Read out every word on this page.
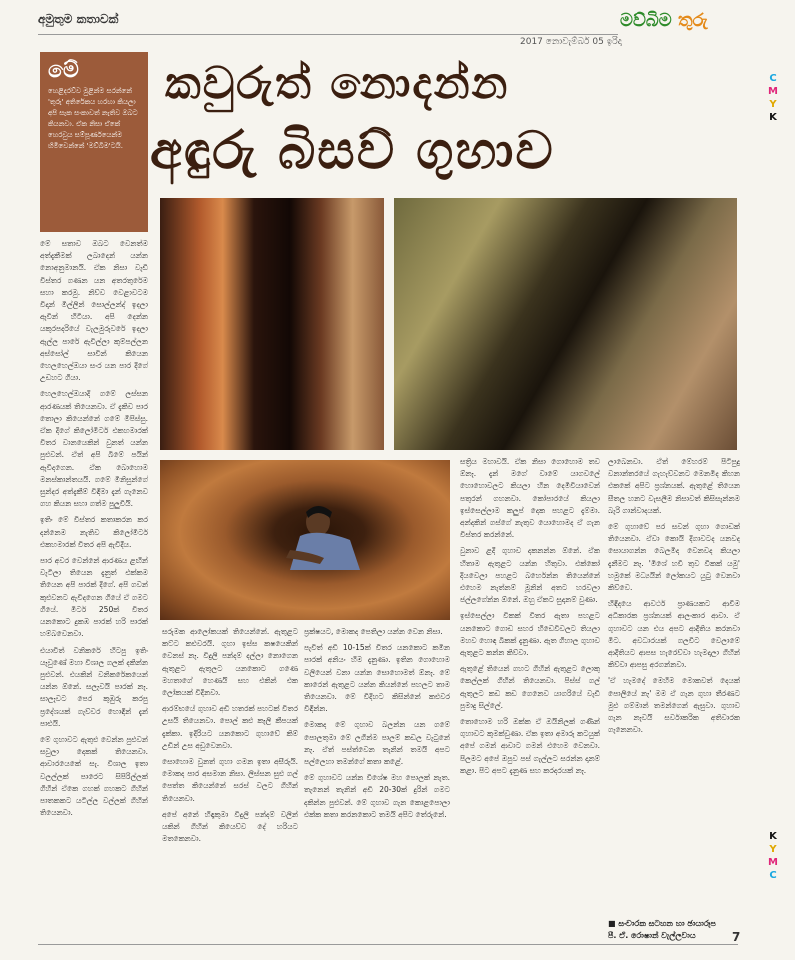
අමුතුම කතාවක්
2017 නොවැම්බර් 05 ඉරිදා
මව්බිම තුරු
C
M
Y
K
K
Y
M
C
මේ
හෙළිදරව්ව මුළින්ම සරන්නේ 'තුරු' අතිරේකය හරහා කියලා අපි සැක සංකාවත් නැතිව ඔබට කියනවා. ඒක නිසා ඒකේ හෙරවුය සම්පූර්ණයෙන්ම හිමිවෙන්නේ 'මව්බිම'ටයි.
කවුරුත් නොදන්න
අඳුරු බිසව් ගුහාව

මේ සතාව ඔබට වෙනත්ම අත්දැකීමක් ලබාදෙන් යන්න නොඅනුමානයි. ඒක නිසා වැඩි විස්තර ගණන යන අතරතුරේම සහා කරමු. නිව්ව වෙළාවටම විදාන් මිල්ලින් සොල්ලන්ද් ඉදලා ඇවින් හිටියා. අපි දෙන්න යකුරපදරියේ වැලමුරුවරේ ඉදලා ඇල්ල පාරේ ඇවිල්ලා කුම්පල්ලන අස්සෝල් සාවින් කියෙන හෙලහෙල්ඔයා සංර යන පාර දිගේ උඩහට ගියා.

හෙලහෙල්ඔයාදි ගමේ ලස්සන ආරණයක් තියෙනවා. ඒ දැකිව පාර තොලා කියෙන්නේ ගමේ මීපිස්සු. ඒක දිගේ කිලෝමීටර් එකහමාරක් විතර වානයෙකින් වුනත් යන්න පුළුවන්. ඒත් අපි බිමේ පයින් ඇවිදගෙන. ඒක බොහොම මනස්කාන්තයයි. ගමේ මිනිසුන්ගේ සුන්දර අත්දැකීම් විඳිමා දැන් ගැනෙව ගහ කියන සහා ගත්ම පුලුවියි.

ඉතිං මේ විස්තර කතාකරන කර දන්නෙම නැතිව කිලෝමීටර් එකහමාරක් විතර අපි ඇවිදීය.

පාර අවර වෙන්නේ ආරණය ළඟින් වැටිලා තියෙන දැනුත් එක්කම තියෙන අපි පාරක් දිගේ. අපි ගවන් කුළුවනට ඇවිදගෙන ගියේ ඒ ගමට ගියේ. මීටර් 250ක් විතර යනකොට දුකඹ පාරක් හරි පාරක් හම්බවෙනවා.

එයාවිත් වනිකරේ හිටපු ඉතිං යෑවුණේ මහා විශාල ගලක් දකින්න පුළුවන්. එයකින් වනිකරේකයෙන් යන්න ඕනේ. සලෑවයි පාරක් නෑ. සාලෑවට පෙර කුඹුරු කරපු ප්‍රදේශයක් ගැව්වර හොඳින් දැන් පාළුයි.

මේ ගුහාවට ඇතුළු වෙන්න පුළුවන් සවුලා දෙකක් තියෙනවා. ආවාරයෙකේ සැ. විශාල ඉතා වලල්ලක් පාරෙට සිපිරිල්ලක් ගිහින් ඒකෙ ගහක් ගහකට ගිහින් පාතකකට යටිල්ල වල්ලක් ගිහින් තියෙනවා.

සරුමක ආලෝකයක් තියෙන්නේ. ඇතුළට කට්ට කළුවරයි. ගුහා ඉස්ස කෂයෙකින් වෙනස් නෑ. විදුලි පන්දම් දල්ලා නොගෙන ඇතුළට ඇතුලට යනකොට ගණෙ මහතාගේ හෙණයි සහ එකින් එක ලෝකයක් විදිනවා.

ආරම්භයේ ගුහාව අඩි හතරක් පහටක් විතර උසයි තියෙනවා. පොල් කළු කෑලි කීපයක් දැක්කා. ඉදිරියට යනකොට ගුහාවේ කිම් උඩින් උස අඩුවෙනවා.

සොහොම වුනත් ගුහා ගමන ඉතා අසීරුයි. මොකද පාර අසමාන නිසා. ලිස්සන සුළු ගල් පෙත්ත කියෙන්නේ සරස් වලට ගිහින් තියෙනවා.

අපේ අනේ හිඳෑකුමා විදුලි පන්දම් වලින් යකින් ගිහින් කියෙව්ව දේ හරියට මතකෙනවා.

ප්‍රක්ෂයට, මොකද පෙතිලා යන්න වෙන නිසා.

පැවිත් අඩි 10-15ක් විතර යනකොට කමින පාරක් අනියං හිම දැනුණා. ඉතින ගොහොම වලියෙන් වනා යන්න සොහොමත් ඕනෑ. මේ කාරෙන් ඇතුළට යන්න කියන්නේ පහලට තාම තියෙනවා. මේ විදිහට කිසින්නේ කළුවර විඳින්න.

මොකද මේ ගුහාව බලන්න යන ගමේ පොලතුමා මේ ලගින්ම පාලම් කඩල වැටුනේ නෑ. ඒත් පස්ත්වෙන තැනින් තමයි අපට පල්ලෙහා තමන්ගේ කතා කළේ.

මේ ගුහාවට යන්න විශේෂ මහ පොලක් නැත. තැනෙන් තැනින් අඩි 20-30ක් දුරින් ගමට දකින්න පුළුවන්. මේ ගුහාව ගැන කොළපොලා එක්ක කතා කරනකොට තමයි අපිට තේරුනේ.

සත්‍රිය මහාවයි. ඒක නිසා ගොහොම තව ඕනෑ. දැන් මගේ වාමේ යාගවලේ හොහොවලට කියලා හින දෙමිවියාවෙන් පතුරන් ගහනවා. කෝපාරයේ කියලා ඉස්සෙල්ලාම කලුප් දෙක පහළට දැම්මා. අන්දකින් ගස්ගේ නැතුව යොහොමද ඒ ගැන විස්තර කරන්නේ.

වුනාව ළදී ගුහාව දකනන්න ඕනේ. ඒක හිතාම ඇතුළට යන්න හිතුවා. එක්කෝ දියවෙලා පහළට බර්හෙන්න තියෙන්නේ එහෙම නැත්නම් මූනින් අතට හරවලා ජල්ලගේන්න ඕනේ. ඔහු ඒකට සුදානම් වුණා.

ඉස්සෙල්ලා විකක් විතර ඇතා පහළට යනකොට ගොඩ සහර හිඩෙවිවලට තියලා මහව හොඳ බිකක් දැනුණා. ඇත ගිහාල ගුහාව ඇතුළට කන්න කිව්වා.

ඇතුළේ තියෙන් ගහට ගිහින් ඇතුළට ලොකු කෙල්ලක් ගිහින් තියෙනවා. පිස්ස් ගල් ඇතුලට කඩ කඩ ගෙනෙව යාගරියේ වැඩි පුමාදු සිල්ලේ.

තොහොම හරි ඔක්ක ඒ ඔයිනිලක් ගණින් ගුහාවට කුමක්වුණා. ඒක ඉතා අමාරු කටයුක් අපේ ගමන් ආවාට ගමන් එහෙම වෙනවා. පිලමට අපේ ඔපුව පස් ගැල්ලට සරන්න දානම් කළා. පිට අපට දැනුණ සහ කරදරයක් නෑ.

ලාබෙනවා. ඒත් මේහරම් පිටිපුදු වනාන්තරයේ ගැහැව්වනට මෙනමිද කිහන එකකේ අපිට ප්‍රශ්නයක්. ඇතුළේ තියෙන සීතල හනට වැසලීම නිසාවත් කිසිසැන්නම බැරි ගාන්වාදයක්.

මේ ගුහාවේ පර සවන් ගුහා ගොඩක් තියෙනවා. ඒවා කොයි දිගාවටද යනවද සොයාගන්න බෙලමිද වෙනවද කියලා දැනීමට නෑ. 'මිශේ හවී තුව විකක් යමු' හමුකේ මධ්‍යයින් ලෝකයට යුටු වෙනවා කිව්වෙ.

හිඳිදයෙ ආවර්ථ ප්‍රාණයකට ආවීම අධිකාරක ප්‍රශ්නයක් ආලංකාර ආවා. ඒ ගුහාවට යන එය අපට ආදීතිය කරනවා මීට. අවධාරයක් ගලවිට වෙලාමේ ආදීතියට ආපස හැරෙව්වා හැමදාලා ගිහින් කිව්වා ආපසු අරගන්නවා.

'ඒ හැමදේ මෙහිම මොකවත් දෙයක් පොලියේ නෑ' මම ඒ ගැන ගුහා තීරණට මුළු ගම්මාන් තමන්ගෙන් ඇසුවා. ගුහාව ගැන නෑවයි සර්වාකරික අතිවාරක ගැනෙනවා.

■ සංචාරක සටහන හා ඡායාරූප
පී. ඒ. රොෂාන් වැල්ලවාය	7
